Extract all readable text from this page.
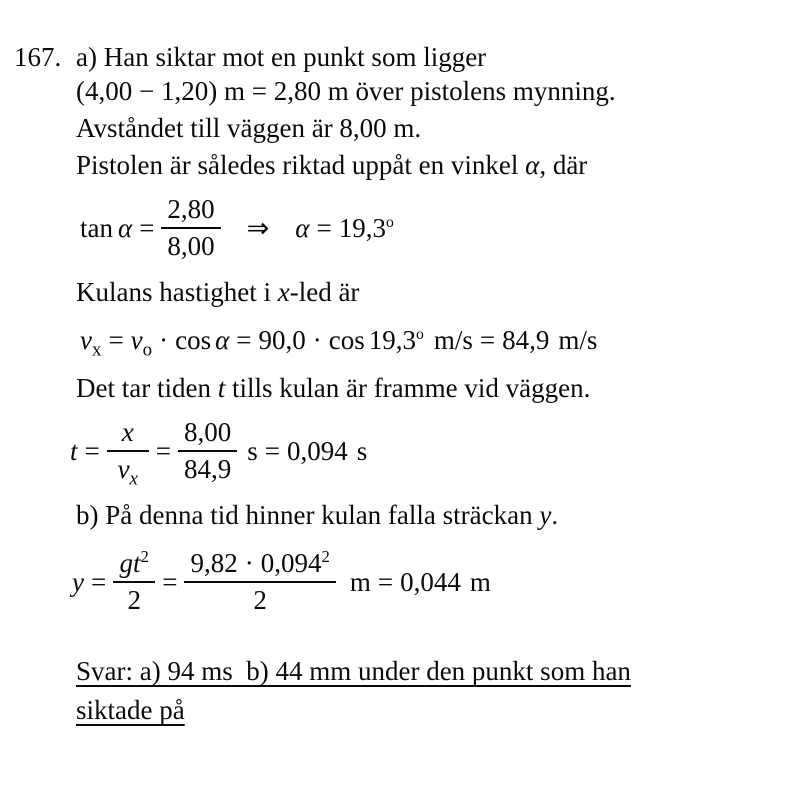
167. a) Han siktar mot en punkt som ligger

(4,00 − 1,20) m = 2,80 m över pistolens mynning.

Avståndet till väggen är 8,00 m.

Pistolen är således riktad uppåt en vinkel α, där

$\tan \alpha = \frac{2,80}{8,00}$ ⇒ $\alpha = 19,3^o$

Kulans hastighet i x-led är

$v_x = v_o \cdot \cos \alpha = 90,0 \cdot \cos 19,3^o$ m/s = 84,9 m/s

Det tar tiden t tills kulan är framme vid väggen.

$t = \frac{x}{v_x} = \frac{8,00}{84,9}$ s = 0,094 s

b) På denna tid hinner kulan falla sträckan y.

$y = \frac{gt^2}{2} = \frac{9,82 \cdot 0,094^2}{2}$ m = 0,044 m

Svar: a) 94 ms  b) 44 mm under den punkt som han

siktade på
